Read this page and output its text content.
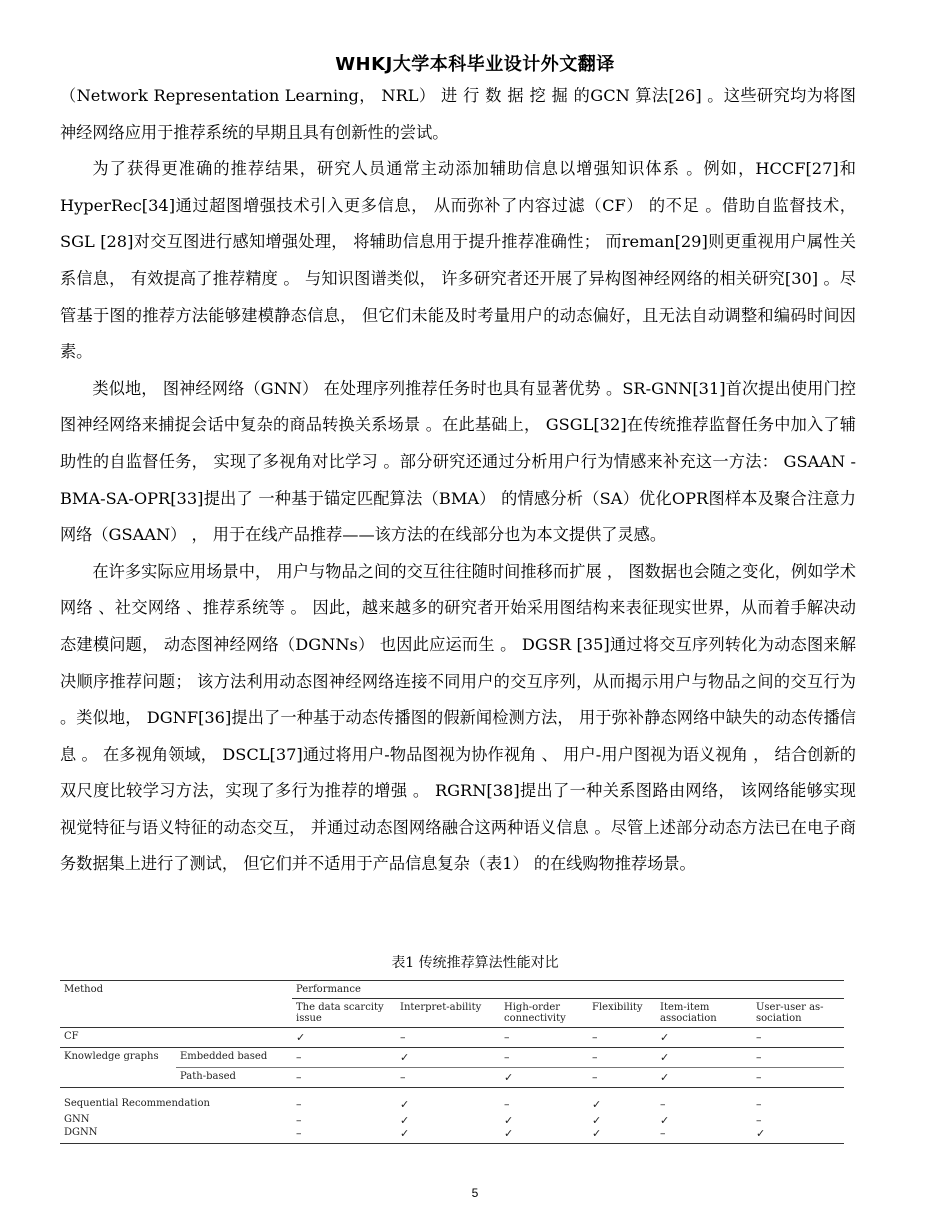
WHKJ大学本科毕业设计外文翻译

（Network Representation Learning， NRL） 进 行 数 据 挖 掘 的GCN 算法[26] 。这些研究均为将图神经网络应用于推荐系统的早期且具有创新性的尝试。

为了获得更准确的推荐结果，研究人员通常主动添加辅助信息以增强知识体系 。例如，HCCF[27]和HyperRec[34]通过超图增强技术引入更多信息， 从而弥补了内容过滤（CF） 的不足 。借助自监督技术， SGL [28]对交互图进行感知增强处理， 将辅助信息用于提升推荐准确性； 而reman[29]则更重视用户属性关系信息， 有效提高了推荐精度 。 与知识图谱类似， 许多研究者还开展了异构图神经网络的相关研究[30] 。尽管基于图的推荐方法能够建模静态信息， 但它们未能及时考量用户的动态偏好，且无法自动调整和编码时间因素。

类似地， 图神经网络（GNN） 在处理序列推荐任务时也具有显著优势 。SR-GNN[31]首次提出使用门控图神经网络来捕捉会话中复杂的商品转换关系场景 。在此基础上， GSGL[32]在传统推荐监督任务中加入了辅助性的自监督任务， 实现了多视角对比学习 。部分研究还通过分析用户行为情感来补充这一方法： GSAAN -BMA-SA-OPR[33]提出了 一种基于锚定匹配算法（BMA） 的情感分析（SA）优化OPR图样本及聚合注意力网络（GSAAN） ， 用于在线产品推荐——该方法的在线部分也为本文提供了灵感。

在许多实际应用场景中， 用户与物品之间的交互往往随时间推移而扩展 ， 图数据也会随之变化，例如学术网络 、社交网络 、推荐系统等 。 因此，越来越多的研究者开始采用图结构来表征现实世界，从而着手解决动态建模问题， 动态图神经网络（DGNNs） 也因此应运而生 。 DGSR [35]通过将交互序列转化为动态图来解决顺序推荐问题； 该方法利用动态图神经网络连接不同用户的交互序列，从而揭示用户与物品之间的交互行为 。类似地， DGNF[36]提出了一种基于动态传播图的假新闻检测方法， 用于弥补静态网络中缺失的动态传播信息 。 在多视角领域， DSCL[37]通过将用户-物品图视为协作视角 、 用户-用户图视为语义视角 ， 结合创新的双尺度比较学习方法，实现了多行为推荐的增强 。 RGRN[38]提出了一种关系图路由网络， 该网络能够实现视觉特征与语义特征的动态交互， 并通过动态图网络融合这两种语义信息 。尽管上述部分动态方法已在电子商务数据集上进行了测试， 但它们并不适用于产品信息复杂（表1） 的在线购物推荐场景。

表1 传统推荐算法性能对比
Method		Performance					
		The data scarcity issue	Interpret-ability	High-order connectivity	Flexibility	Item-item association	User-user as-sociation
CF		✓	–	–	–	✓	–
Knowledge graphs	Embedded based	–	✓	–	–	✓	–
	Path-based	–	–	✓	–	✓	–
Sequential Recommendation		–	✓	–	✓	–	–
GNN		–	✓	✓	✓	✓	–
DGNN		–	✓	✓	✓	–	✓
5
